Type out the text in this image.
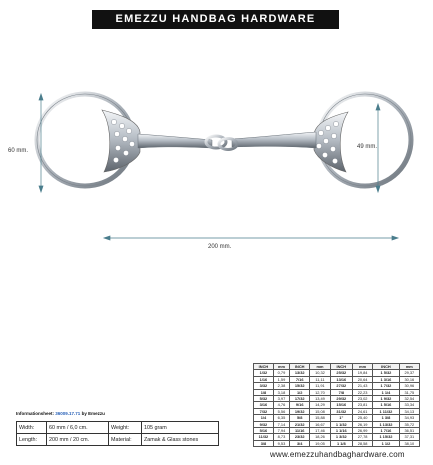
EMEZZU HANDBAG HARDWARE
60 mm.
49 mm.
200 mm.
Informationsheet: 36009.17.71 by Emezzu
Width:	60 mm / 6,0 cm.	Weight:	105 gram
Length:	200 mm / 20 cm.	Material:	Zamak & Glass stones
INCH	mm	INCH	mm	INCH	mm	INCH	mm
1/32	0,79	13/32	10,32	25/32	19,84	1 5/32	29,37
1/16	1,59	7/16	11,11	13/16	20,64	1 3/16	30,16
3/32	2,38	15/32	11,91	27/32	21,43	1 7/32	30,96
1/8	3,18	1/2	12,70	7/8	22,23	1 1/4	31,75
5/32	3,97	17/32	13,49	29/32	23,02	1 9/32	32,54
3/16	4,76	9/16	14,29	15/16	23,81	1 5/16	33,34
7/32	5,56	19/32	15,08	31/32	24,61	1 11/32	34,13
1/4	6,35	5/8	15,88	1"	25,40	1 3/8	34,93
9/32	7,14	21/32	16,67	1 1/32	26,19	1 13/32	35,72
5/16	7,94	11/16	17,46	1 1/16	26,99	1 7/16	36,51
11/32	8,73	23/32	18,26	1 3/32	27,78	1 15/32	37,31
3/8	9,53	3/4	19,05	1 1/8	28,58	1 1/2	38,10
www.emezzuhandbaghardware.com
